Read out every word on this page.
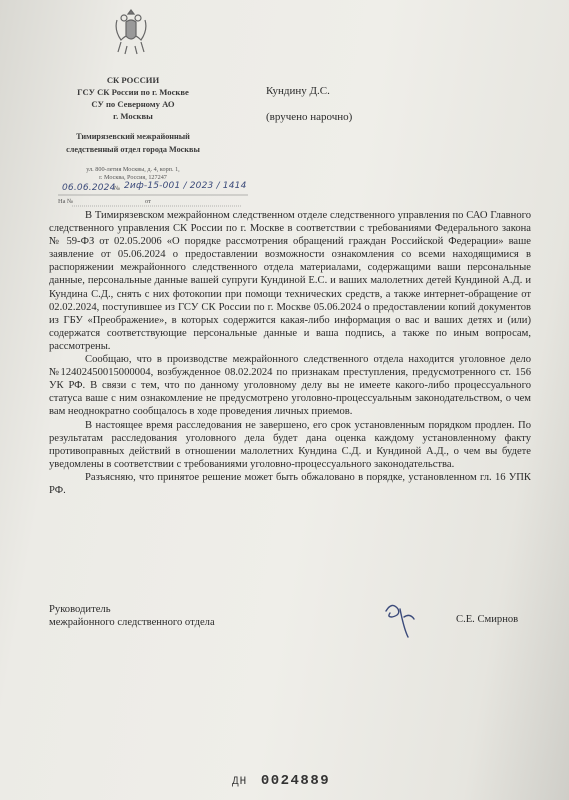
СК РОССИИ
ГСУ СК России по г. Москве
СУ по Северному АО
г. Москвы
Тимирязевский межрайонный
следственный отдел города Москвы
ул. 800-летия Москвы, д. 4, корп. 1,
г. Москва, Россия, 127247
06.06.2024
№ 2иф-15-001 / 2023 / 1414
На №	от
Кундину Д.С.
(вручено нарочно)

В Тимирязевском межрайонном следственном отделе следственного управления по САО Главного следственного управления СК России по г. Москве в соответствии с требованиями Федерального закона № 59-ФЗ от 02.05.2006 «О порядке рассмотрения обращений граждан Российской Федерации» ваше заявление от 05.06.2024 о предоставлении возможности ознакомления со всеми находящимися в распоряжении межрайонного следственного отдела материалами, содержащими ваши персональные данные, персональные данные вашей супруги Кундиной Е.С. и ваших малолетних детей Кундиной А.Д. и Кундина С.Д., снять с них фотокопии при помощи технических средств, а также интернет-обращение от 02.02.2024, поступившее из ГСУ СК России по г. Москве 05.06.2024 о предоставлении копий документов из ГБУ «Преображение», в которых содержится какая-либо информация о вас и ваших детях и (или) содержатся соответствующие персональные данные и ваша подпись, а также по иным вопросам, рассмотрены.

Сообщаю, что в производстве межрайонного следственного отдела находится уголовное дело №12402450015000004, возбужденное 08.02.2024 по признакам преступления, предусмотренного ст. 156 УК РФ. В связи с тем, что по данному уголовному делу вы не имеете какого-либо процессуального статуса ваше с ним ознакомление не предусмотрено уголовно-процессуальным законодательством, о чем вам неоднократно сообщалось в ходе проведения личных приемов.

В настоящее время расследования не завершено, его срок установленным порядком продлен. По результатам расследования уголовного дела будет дана оценка каждому установленному факту противоправных действий в отношении малолетних Кундина С.Д. и Кундиной А.Д., о чем вы будете уведомлены в соответствии с требованиями уголовно-процессуального законодательства.

Разъясняю, что принятое решение может быть обжаловано в порядке, установленном гл. 16 УПК РФ.

Руководитель
межрайонного следственного отдела	С.Е. Смирнов
ДН 0024889
